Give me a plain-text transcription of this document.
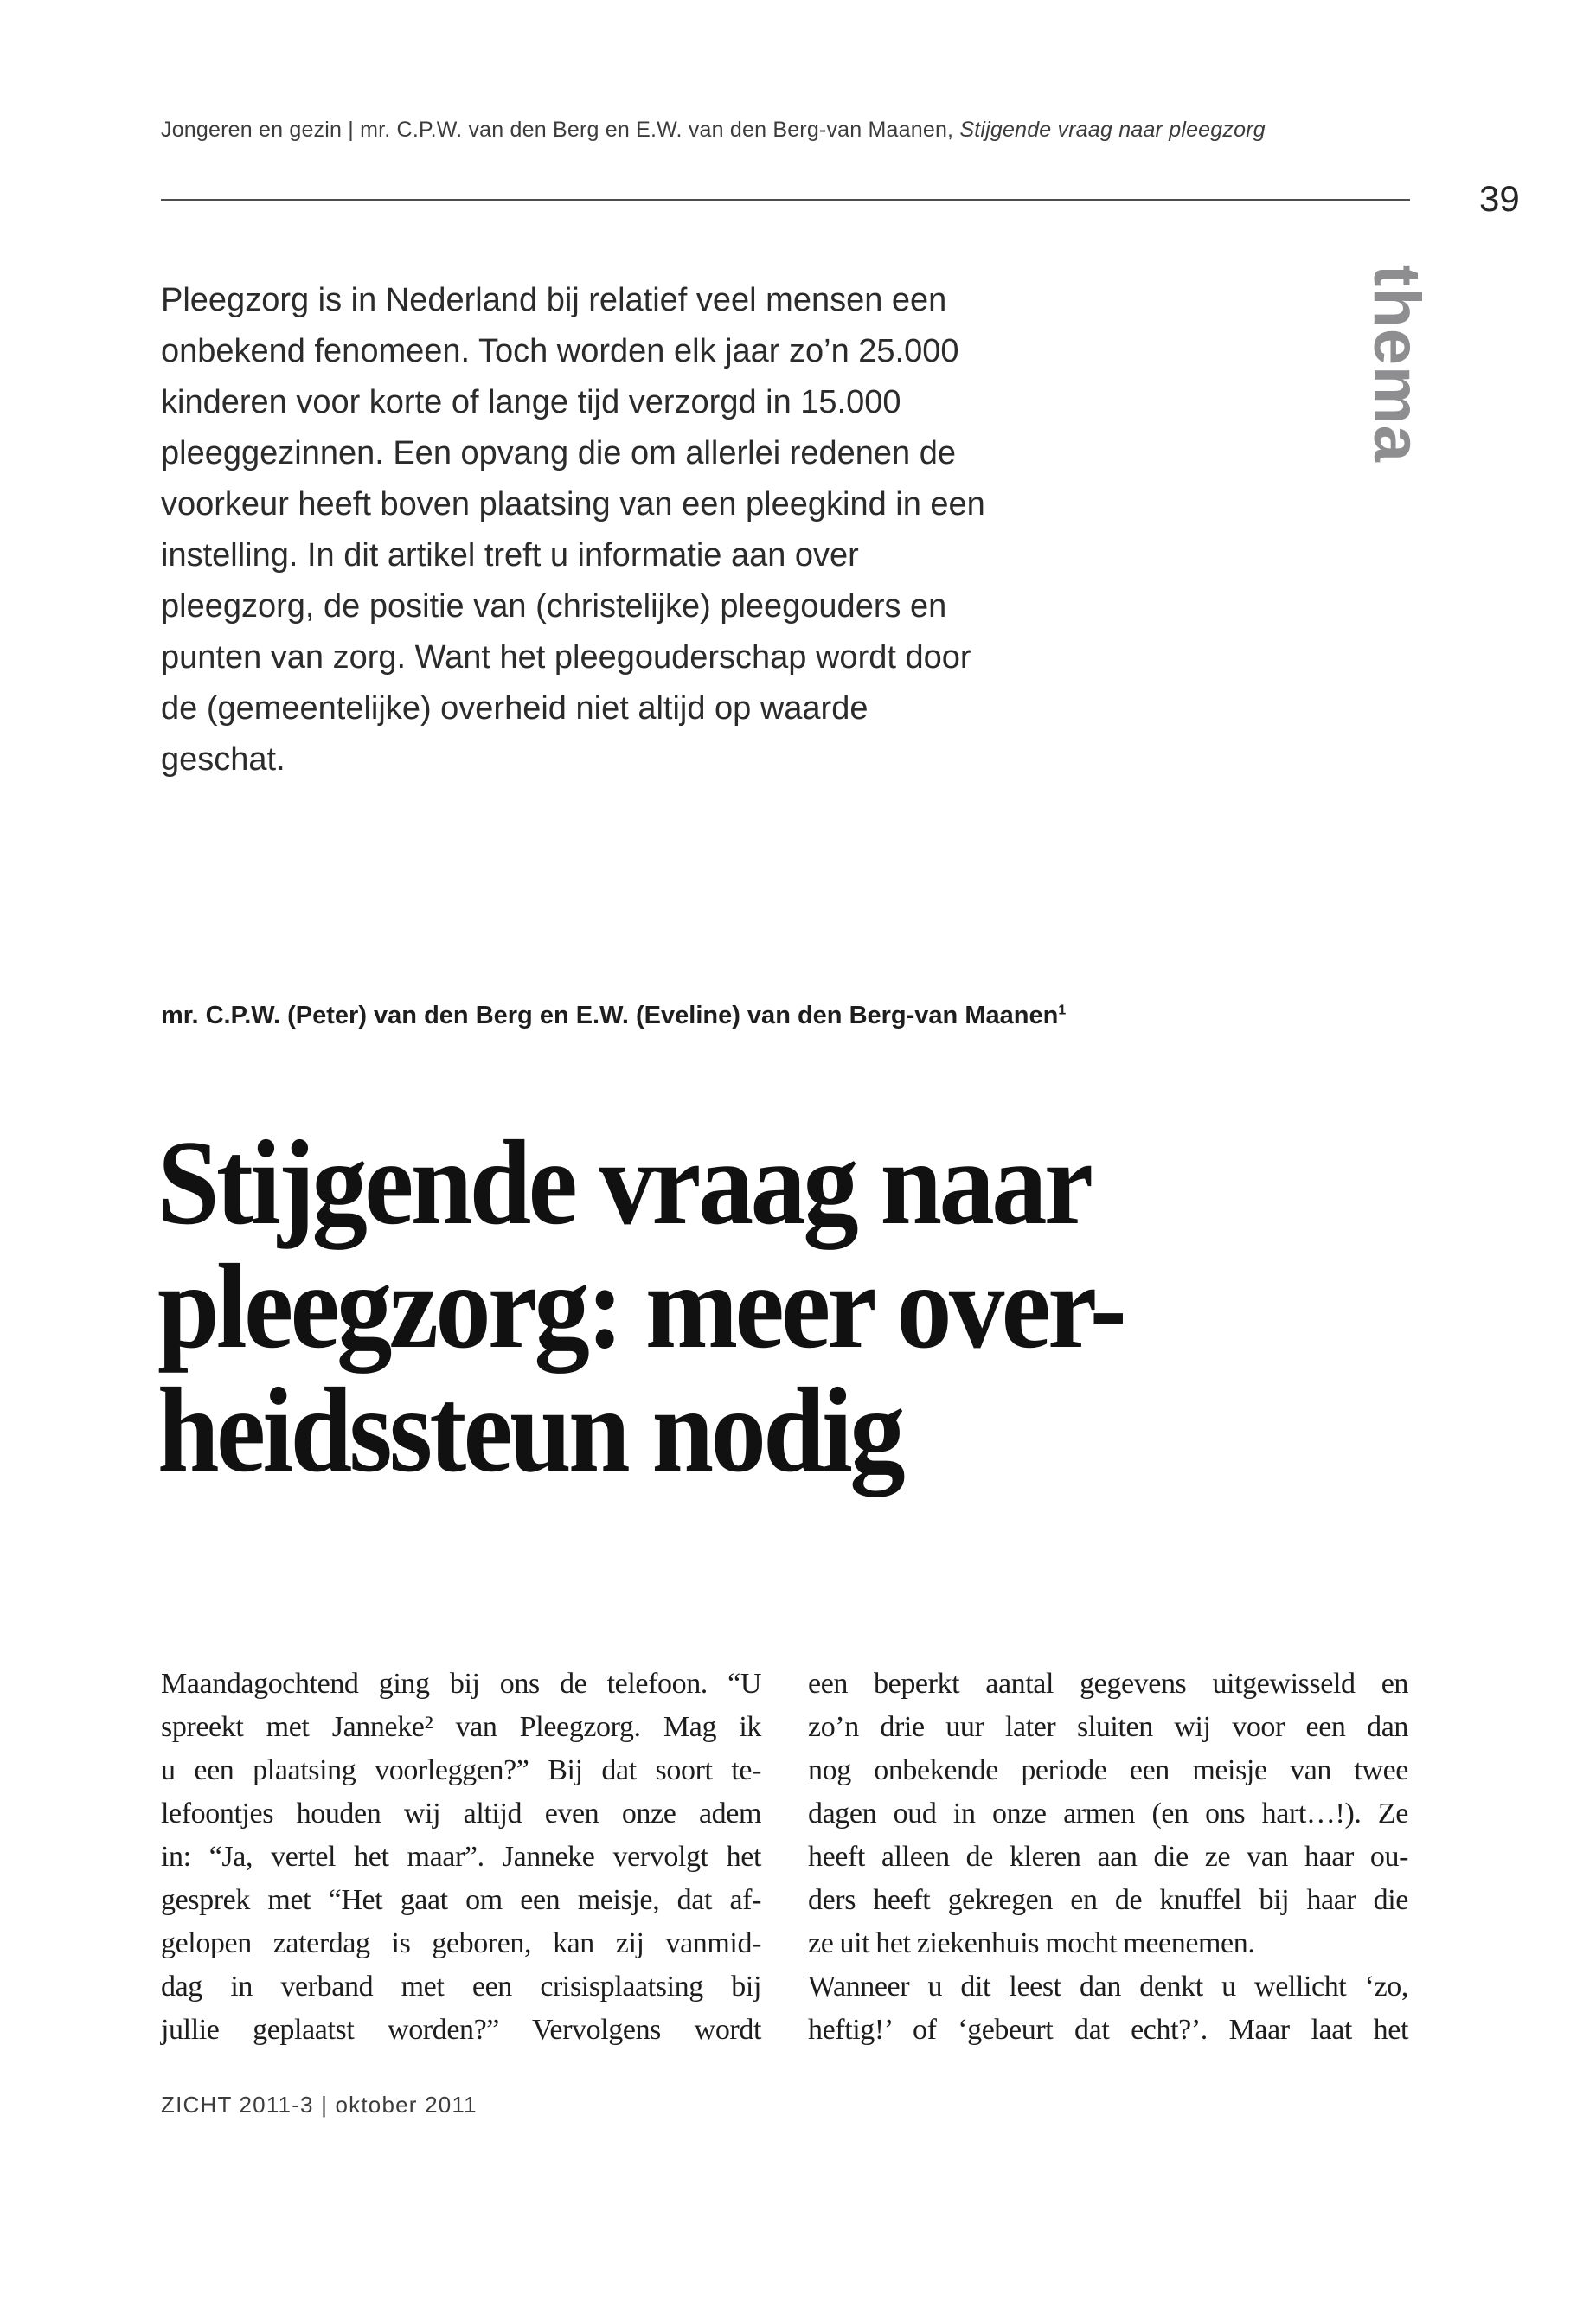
Jongeren en gezin | mr. C.P.W. van den Berg en E.W. van den Berg-van Maanen, Stijgende vraag naar pleegzorg
39
thema
Pleegzorg is in Nederland bij relatief veel mensen een
onbekend fenomeen. Toch worden elk jaar zo’n 25.000
kinderen voor korte of lange tijd verzorgd in 15.000
pleeggezinnen. Een opvang die om allerlei redenen de
voorkeur heeft boven plaatsing van een pleegkind in een
instelling. In dit artikel treft u informatie aan over
pleegzorg, de positie van (christelijke) pleegouders en
punten van zorg. Want het pleegouderschap wordt door
de (gemeentelijke) overheid niet altijd op waarde
geschat.
mr. C.P.W. (Peter) van den Berg en E.W. (Eveline) van den Berg-van Maanen$^1$
Stijgende vraag naar
pleegzorg: meer over-
heidssteun nodig
Maandagochtend ging bij ons de telefoon. “U
spreekt met Janneke² van Pleegzorg. Mag ik
u een plaatsing voorleggen?” Bij dat soort te-
lefoontjes houden wij altijd even onze adem
in: “Ja, vertel het maar”. Janneke vervolgt het
gesprek met “Het gaat om een meisje, dat af-
gelopen zaterdag is geboren, kan zij vanmid-
dag in verband met een crisisplaatsing bij
jullie geplaatst worden?” Vervolgens wordt
een beperkt aantal gegevens uitgewisseld en
zo’n drie uur later sluiten wij voor een dan
nog onbekende periode een meisje van twee
dagen oud in onze armen (en ons hart…!). Ze
heeft alleen de kleren aan die ze van haar ou-
ders heeft gekregen en de knuffel bij haar die
ze uit het ziekenhuis mocht meenemen.
Wanneer u dit leest dan denkt u wellicht ‘zo,
heftig!’ of ‘gebeurt dat echt?’. Maar laat het
ZICHT 2011-3 | oktober 2011
